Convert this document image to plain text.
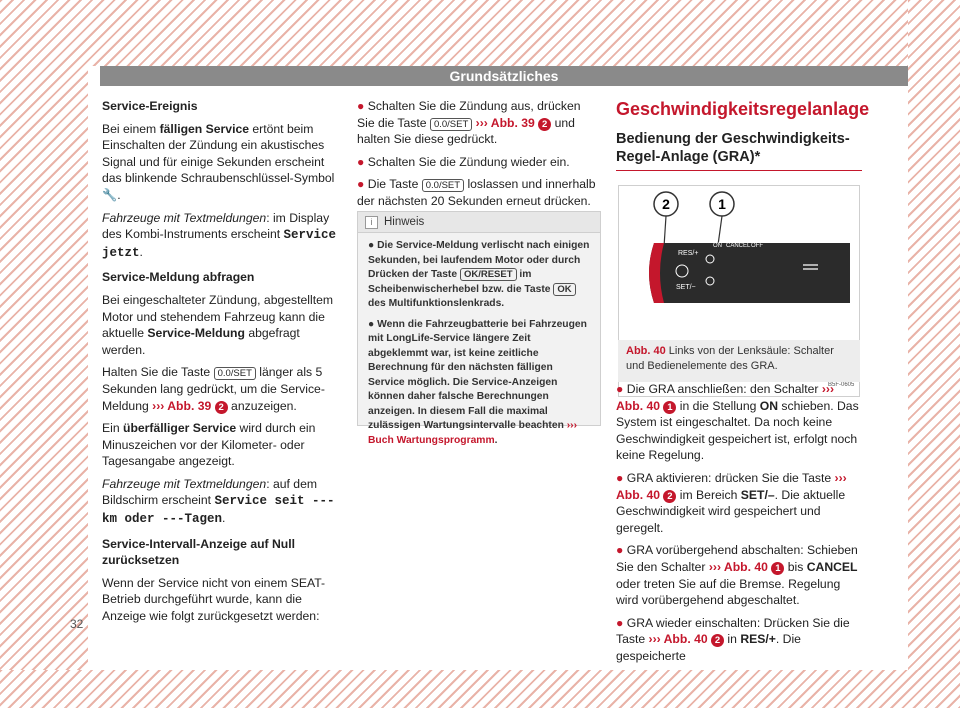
Grundsätzliches

Service-Ereignis

Bei einem fälligen Service ertönt beim Einschalten der Zündung ein akustisches Signal und für einige Sekunden erscheint das blinkende Schraubenschlüssel-Symbol 🔧.

Fahrzeuge mit Textmeldungen: im Display des Kombi-Instruments erscheint Service jetzt.

Service-Meldung abfragen

Bei eingeschalteter Zündung, abgestelltem Motor und stehendem Fahrzeug kann die aktuelle Service-Meldung abgefragt werden.

Halten Sie die Taste 0.0/SET länger als 5 Sekunden lang gedrückt, um die Service-Meldung ››› Abb. 39 2 anzuzeigen.

Ein überfälliger Service wird durch ein Minuszeichen vor der Kilometer- oder Tagesangabe angezeigt.

Fahrzeuge mit Textmeldungen: auf dem Bildschirm erscheint Service seit --- km oder ---Tagen.

Service-Intervall-Anzeige auf Null zurücksetzen

Wenn der Service nicht von einem SEAT-Betrieb durchgeführt wurde, kann die Anzeige wie folgt zurückgesetzt werden:

● Schalten Sie die Zündung aus, drücken Sie die Taste 0.0/SET ››› Abb. 39 2 und halten Sie diese gedrückt.

● Schalten Sie die Zündung wieder ein.

● Die Taste 0.0/SET loslassen und innerhalb der nächsten 20 Sekunden erneut drücken.

i	Hinweis

● Die Service-Meldung verlischt nach einigen Sekunden, bei laufendem Motor oder durch Drücken der Taste OK/RESET im Scheibenwischerhebel bzw. die Taste OK des Multifunktionslenkrads.

● Wenn die Fahrzeugbatterie bei Fahrzeugen mit LongLife-Service längere Zeit abgeklemmt war, ist keine zeitliche Berechnung für den nächsten fälligen Service möglich. Die Service-Anzeigen können daher falsche Berechnungen anzeigen. In diesem Fall die maximal zulässigen Wartungsintervalle beachten ››› Buch Wartungsprogramm.

Geschwindigkeitsregelanlage
Bedienung der Geschwindigkeits-Regel-Anlage (GRA)*
2	1
RES/+
ON CANCEL OFF
SET/−
B5F-0605
Abb. 40 Links von der Lenksäule: Schalter und Bedienelemente des GRA.

● Die GRA anschließen: den Schalter ››› Abb. 40 1 in die Stellung ON schieben. Das System ist eingeschaltet. Da noch keine Geschwindigkeit gespeichert ist, erfolgt noch keine Regelung.

● GRA aktivieren: drücken Sie die Taste ››› Abb. 40 2 im Bereich SET/–. Die aktuelle Geschwindigkeit wird gespeichert und geregelt.

● GRA vorübergehend abschalten: Schieben Sie den Schalter ››› Abb. 40 1 bis CANCEL oder treten Sie auf die Bremse. Regelung wird vorübergehend abgeschaltet.

● GRA wieder einschalten: Drücken Sie die Taste ››› Abb. 40 2 in RES/+. Die gespeicherte

32
